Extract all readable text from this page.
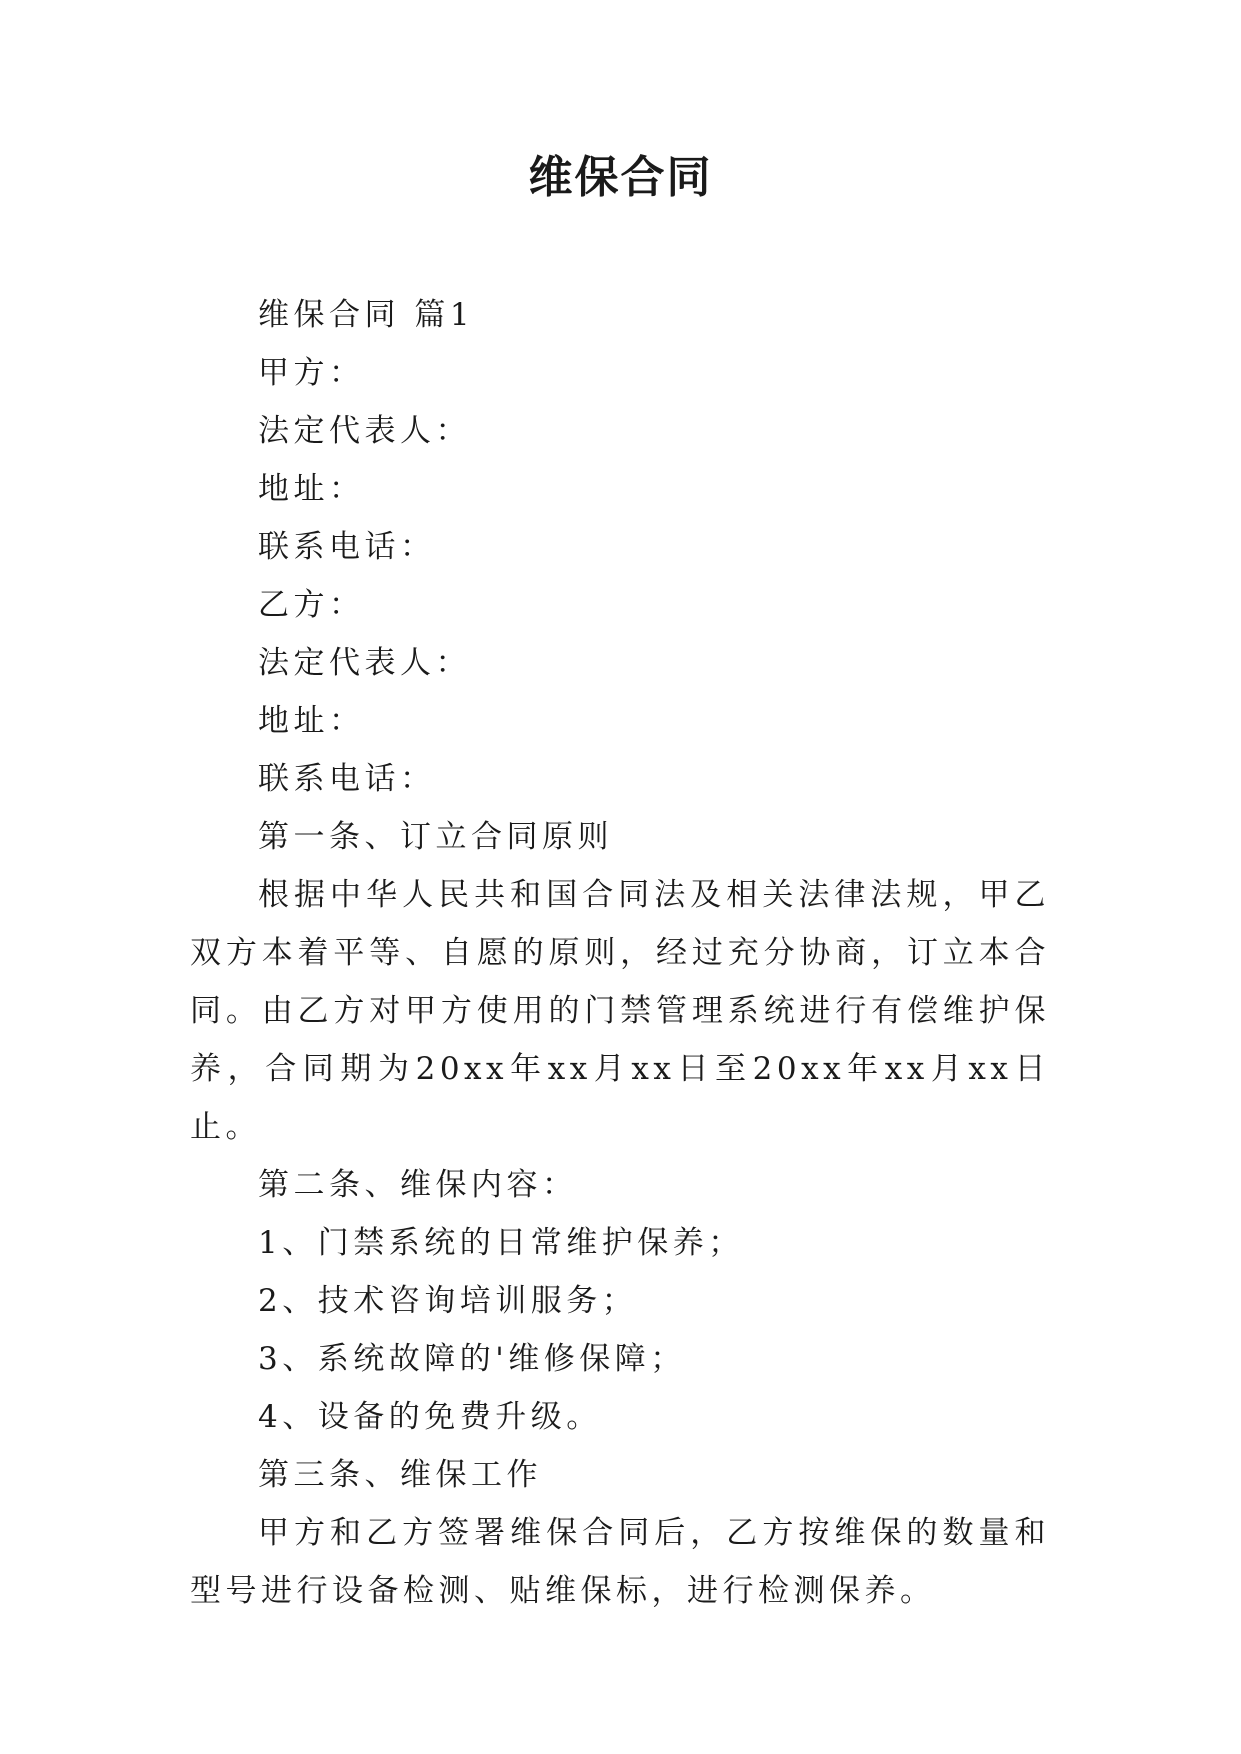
维保合同

维保合同 篇1

甲方：

法定代表人：

地址：

联系电话：

乙方：

法定代表人：

地址：

联系电话：

第一条、订立合同原则

根据中华人民共和国合同法及相关法律法规，甲乙双方本着平等、自愿的原则，经过充分协商，订立本合同。由乙方对甲方使用的门禁管理系统进行有偿维护保养，合同期为20xx年xx月xx日至20xx年xx月xx日止。

第二条、维保内容：

1、门禁系统的日常维护保养；

2、技术咨询培训服务；

3、系统故障的'维修保障；

4、设备的免费升级。

第三条、维保工作

甲方和乙方签署维保合同后，乙方按维保的数量和型号进行设备检测、贴维保标，进行检测保养。
